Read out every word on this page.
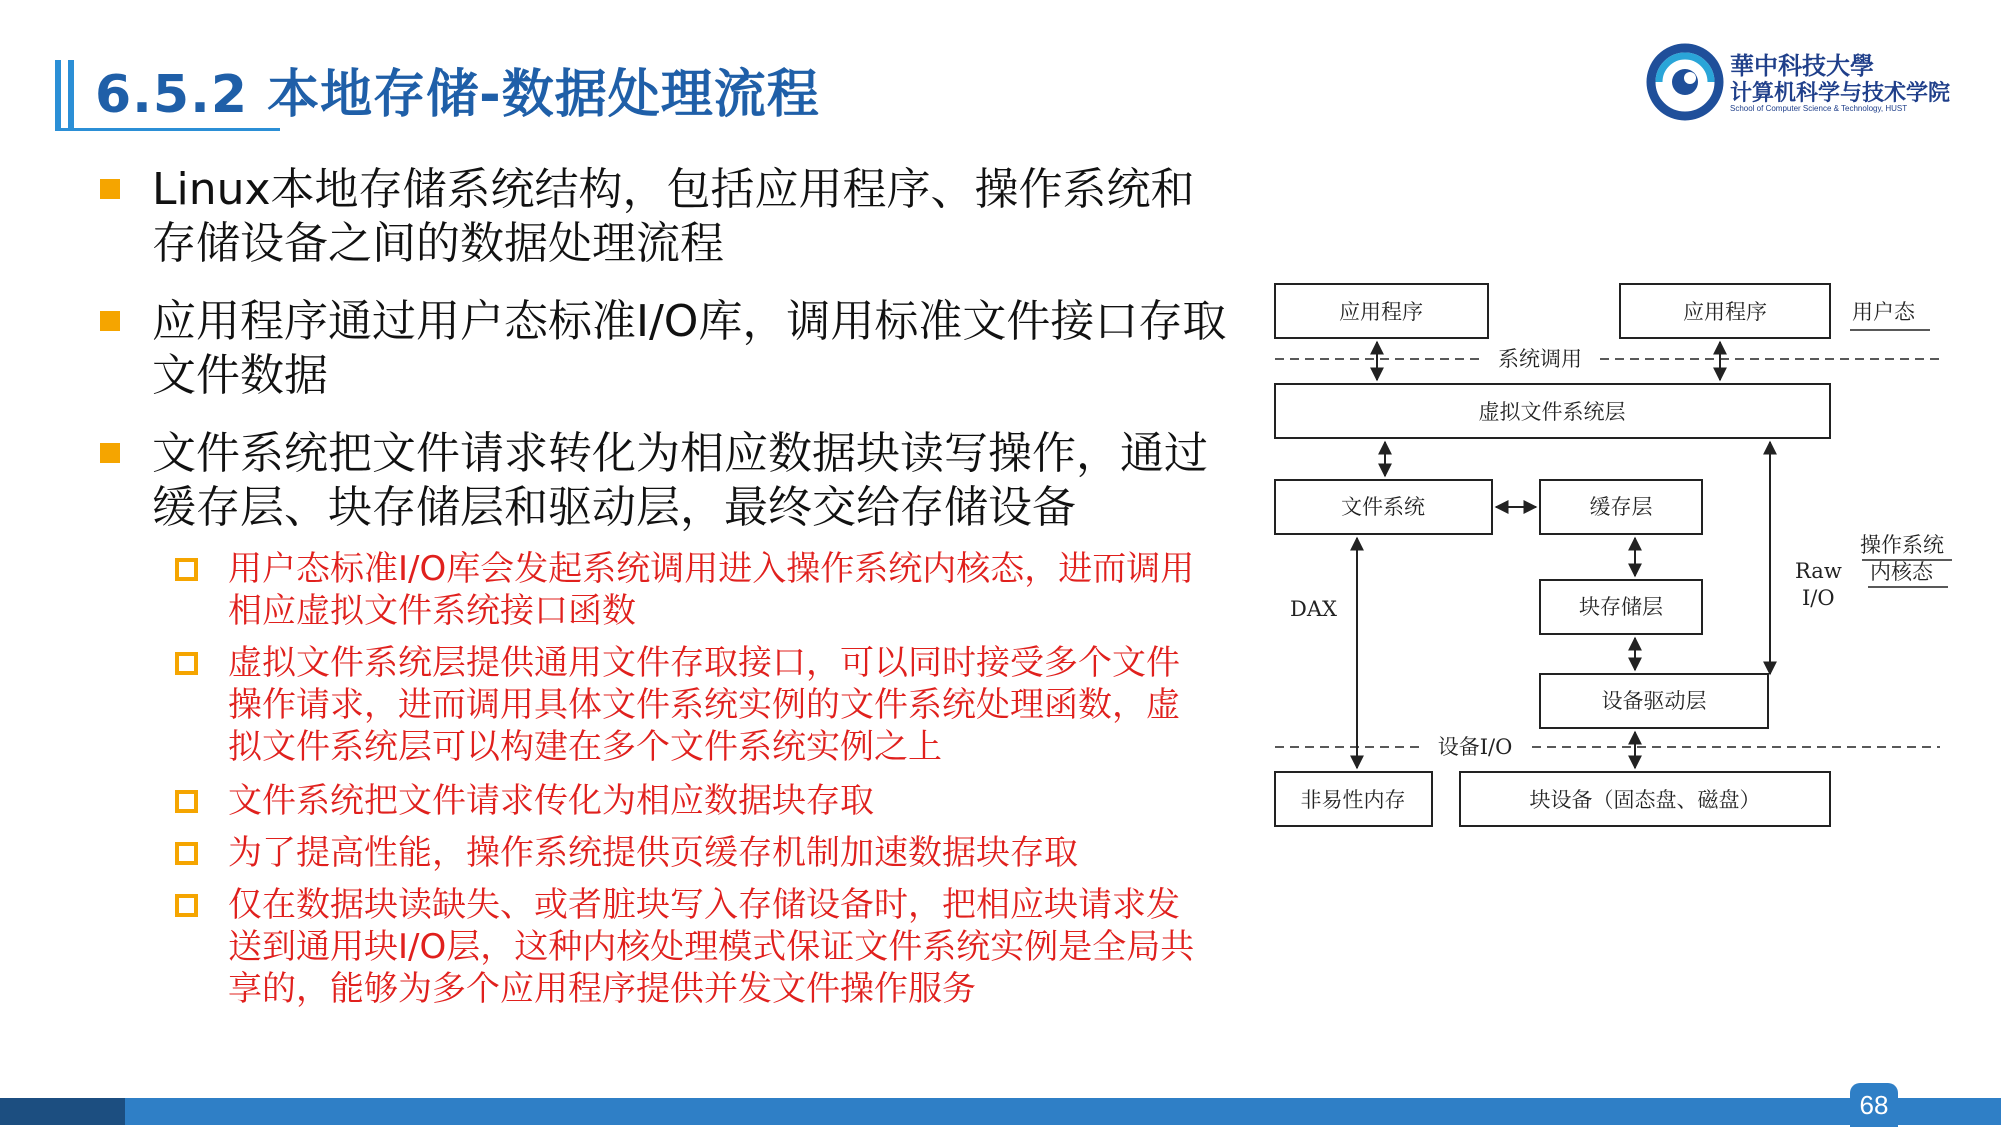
6.5.2 本地存储-数据处理流程	華中科技大學
计算机科学与技术学院
School of Computer Science & Technology, HUST
Linux本地存储系统结构，包括应用程序、操作系统和存储设备之间的数据处理流程
应用程序通过用户态标准I/O库，调用标准文件接口存取文件数据
文件系统把文件请求转化为相应数据块读写操作，通过缓存层、块存储层和驱动层，最终交给存储设备
用户态标准I/O库会发起系统调用进入操作系统内核态，进而调用相应虚拟文件系统接口函数
虚拟文件系统层提供通用文件存取接口，可以同时接受多个文件操作请求，进而调用具体文件系统实例的文件系统处理函数，虚拟文件系统层可以构建在多个文件系统实例之上
文件系统把文件请求传化为相应数据块存取
为了提高性能，操作系统提供页缓存机制加速数据块存取
仅在数据块读缺失、或者脏块写入存储设备时，把相应块请求发送到通用块I/O层，这种内核处理模式保证文件系统实例是全局共享的，能够为多个应用程序提供并发文件操作服务
应用程序	应用程序	用户态
系统调用
虚拟文件系统层
文件系统	缓存层
块存储层
设备驱动层
DAX
Raw
I/O
操作系统
内核态
设备I/O
非易性内存	块设备（固态盘、磁盘）
68
